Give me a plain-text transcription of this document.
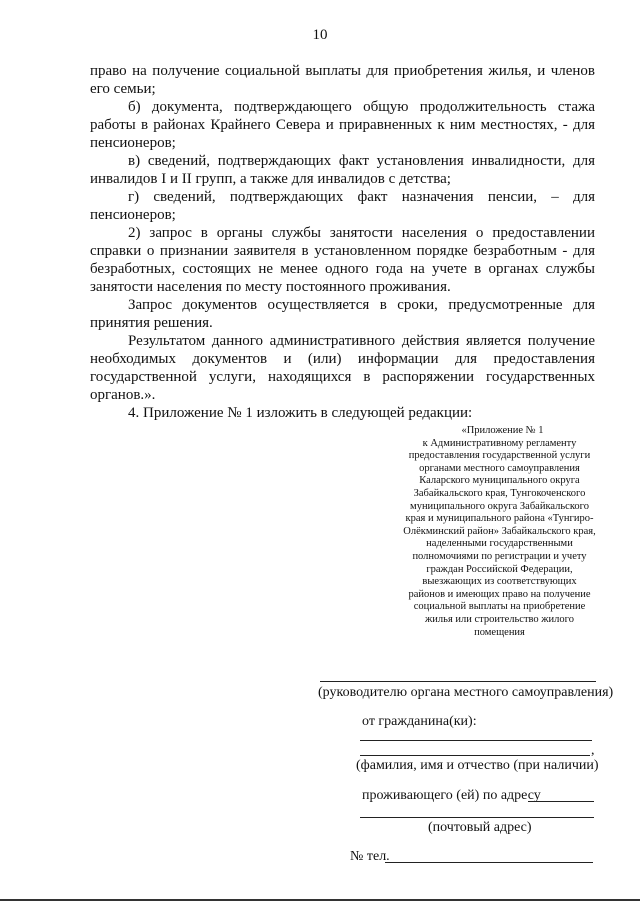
10

право на получение социальной выплаты для приобретения жилья, и членов его семьи;

б) документа, подтверждающего общую продолжительность стажа работы в районах Крайнего Севера и приравненных к ним местностях, - для пенсионеров;

в) сведений, подтверждающих факт установления инвалидности, для инвалидов I и II групп, а также для инвалидов с детства;

г) сведений, подтверждающих факт назначения пенсии, – для пенсионеров;

2) запрос в органы службы занятости населения о предоставлении справки о признании заявителя в установленном порядке безработным - для безработных, состоящих не менее одного года на учете в органах службы занятости населения по месту постоянного проживания.

Запрос документов осуществляется в сроки, предусмотренные для принятия решения.

Результатом данного административного действия является получение необходимых документов и (или) информации для предоставления государственной услуги, находящихся в распоряжении государственных органов.».

4. Приложение № 1 изложить в следующей редакции:

«Приложение № 1
к Административному регламенту
предоставления государственной услуги
органами местного самоуправления
Каларского муниципального округа
Забайкальского края, Тунгокоченского
муниципального округа Забайкальского
края и муниципального района «Тунгиро-
Олёкминский район» Забайкальского края,
наделенными государственными
полномочиями по регистрации и учету
граждан Российской Федерации,
выезжающих из соответствующих
районов и имеющих право на получение
социальной выплаты на приобретение
жилья или строительство жилого
помещения
(руководителю органа местного самоуправления)
от гражданина(ки):
,
(фамилия, имя и отчество (при наличии)
проживающего (ей) по адресу
(почтовый адрес)
№ тел.
